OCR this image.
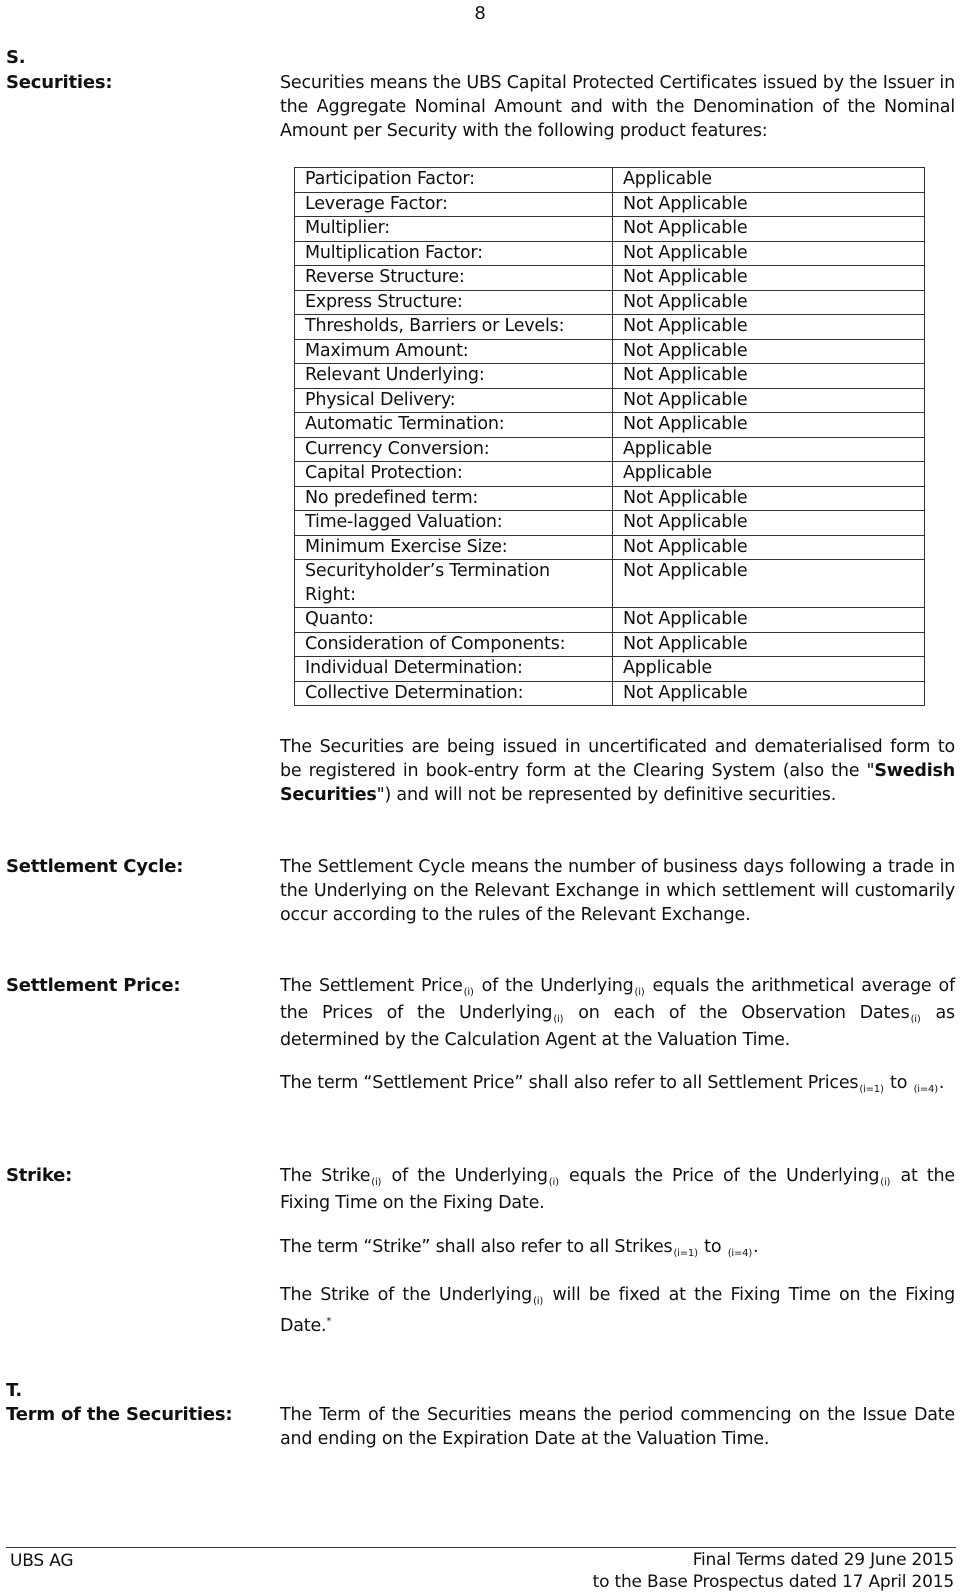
8
S.
Securities:	Securities means the UBS Capital Protected Certificates issued by the Issuer in the Aggregate Nominal Amount and with the Denomination of the Nominal Amount per Security with the following product features:

Participation Factor:	Applicable
Leverage Factor:	Not Applicable
Multiplier:	Not Applicable
Multiplication Factor:	Not Applicable
Reverse Structure:	Not Applicable
Express Structure:	Not Applicable
Thresholds, Barriers or Levels:	Not Applicable
Maximum Amount:	Not Applicable
Relevant Underlying:	Not Applicable
Physical Delivery:	Not Applicable
Automatic Termination:	Not Applicable
Currency Conversion:	Applicable
Capital Protection:	Applicable
No predefined term:	Not Applicable
Time-lagged Valuation:	Not Applicable
Minimum Exercise Size:	Not Applicable
Securityholder’s Termination Right:	Not Applicable
Quanto:	Not Applicable
Consideration of Components:	Not Applicable
Individual Determination:	Applicable
Collective Determination:	Not Applicable

The Securities are being issued in uncertificated and dematerialised form to be registered in book-entry form at the Clearing System (also the "Swedish Securities") and will not be represented by definitive securities.

Settlement Cycle:	The Settlement Cycle means the number of business days following a trade in the Underlying on the Relevant Exchange in which settlement will customarily occur according to the rules of the Relevant Exchange.

Settlement Price:	The Settlement Price$_{(i)}$ of the Underlying$_{(i)}$ equals the arithmetical average of the Prices of the Underlying$_{(i)}$ on each of the Observation Dates$_{(i)}$ as determined by the Calculation Agent at the Valuation Time.

The term “Settlement Price” shall also refer to all Settlement Prices$_{(i=1)}$ to $_{(i=4)}$.

Strike:	The Strike$_{(i)}$ of the Underlying$_{(i)}$ equals the Price of the Underlying$_{(i)}$ at the Fixing Time on the Fixing Date.

The term “Strike” shall also refer to all Strikes$_{(i=1)}$ to $_{(i=4)}$.

The Strike of the Underlying$_{(i)}$ will be fixed at the Fixing Time on the Fixing Date.*

T.
Term of the Securities:	The Term of the Securities means the period commencing on the Issue Date and ending on the Expiration Date at the Valuation Time.

UBS AG	Final Terms dated 29 June 2015
to the Base Prospectus dated 17 April 2015
